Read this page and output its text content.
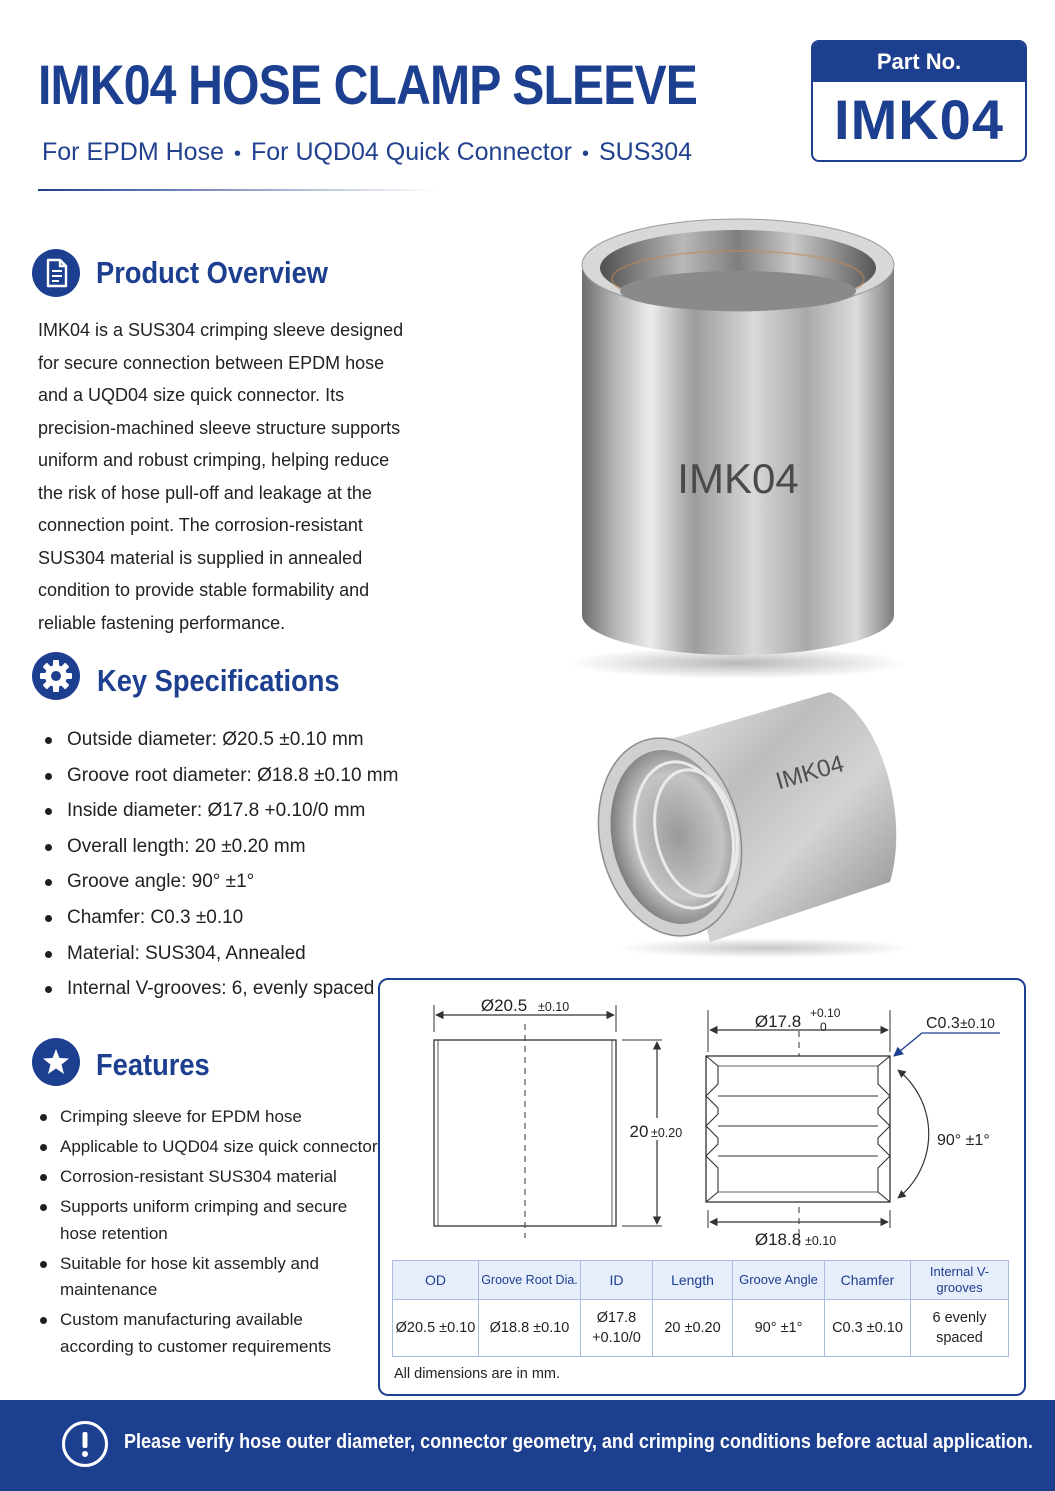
IMK04 HOSE CLAMP SLEEVE
For EPDM Hose • For UQD04 Quick Connector • SUS304
Part No.
IMK04
Product Overview

IMK04 is a SUS304 crimping sleeve designed for secure connection between EPDM hose and a UQD04 size quick connector. Its precision-machined sleeve structure supports uniform and robust crimping, helping reduce the risk of hose pull-off and leakage at the connection point. The corrosion-resistant SUS304 material is supplied in annealed condition to provide stable formability and reliable fastening performance.

Key Specifications
Outside diameter: Ø20.5 ±0.10 mm
Groove root diameter: Ø18.8 ±0.10 mm
Inside diameter: Ø17.8 +0.10/0 mm
Overall length: 20 ±0.20 mm
Groove angle: 90° ±1°
Chamfer: C0.3 ±0.10
Material: SUS304, Annealed
Internal V-grooves: 6, evenly spaced
Features
Crimping sleeve for EPDM hose
Applicable to UQD04 size quick connector
Corrosion-resistant SUS304 material
Supports uniform crimping and secure hose retention
Suitable for hose kit assembly and maintenance
Custom manufacturing available according to customer requirements
IMK04
IMK04
Ø20.5 ±0.10
20 ±0.20
Ø17.8 +0.10
0	C0.3 ±0.10
90° ±1°
Ø18.8 ±0.10
OD	Groove Root Dia.	ID	Length	Groove Angle	Chamfer	Internal V-grooves
Ø20.5 ±0.10	Ø18.8 ±0.10	Ø17.8 +0.10/0	20 ±0.20	90° ±1°	C0.3 ±0.10	6 evenly spaced
All dimensions are in mm.
Please verify hose outer diameter, connector geometry, and crimping conditions before actual application.
